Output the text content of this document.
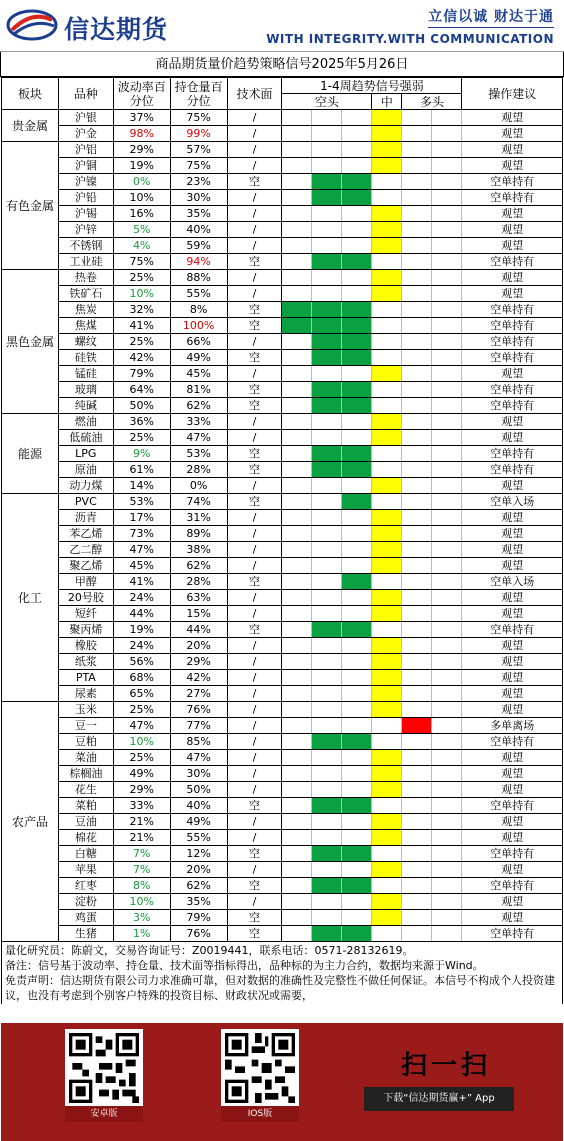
信达期货	立信以诚 财达于通
WITH INTEGRITY.WITH COMMUNICATION
商品期货量价趋势策略信号2025年5月26日
板块	品种	波动率百分位	持仓量百分位	技术面	1-4周趋势信号强弱						操作建议
					空头			中	多头		
贵金属	沪银	37%	75%	/							观望
	沪金	98%	99%	/							观望
有色金属	沪铝	29%	57%	/							观望
	沪铜	19%	75%	/							观望
	沪镍	0%	23%	空							空单持有
	沪铅	10%	30%	/							空单持有
	沪锡	16%	35%	/							观望
	沪锌	5%	40%	/							观望
	不锈钢	4%	59%	/							观望
	工业硅	75%	94%	空							空单持有
黑色金属	热卷	25%	88%	/							观望
	铁矿石	10%	55%	/							观望
	焦炭	32%	8%	空							空单持有
	焦煤	41%	100%	空							空单持有
	螺纹	25%	66%	/							空单持有
	硅铁	42%	49%	空							空单持有
	锰硅	79%	45%	/							观望
	玻璃	64%	81%	空							空单持有
	纯碱	50%	62%	空							空单持有
能源	燃油	36%	33%	/							观望
	低硫油	25%	47%	/							观望
	LPG	9%	53%	空							空单持有
	原油	61%	28%	空							空单持有
	动力煤	14%	0%	/							观望
化工	PVC	53%	74%	空							空单入场
	沥青	17%	31%	/							观望
	苯乙烯	73%	89%	/							观望
	乙二醇	47%	38%	/							观望
	聚乙烯	45%	62%	/							观望
	甲醇	41%	28%	空							空单入场
	20号胶	24%	63%	/							观望
	短纤	44%	15%	/							观望
	聚丙烯	19%	44%	空							空单持有
	橡胶	24%	20%	/							观望
	纸浆	56%	29%	/							观望
	PTA	68%	42%	/							观望
	尿素	65%	27%	/							观望
农产品	玉米	25%	76%	/							观望
	豆一	47%	77%	/							多单离场
	豆粕	10%	85%	/							空单持有
	菜油	25%	47%	/							观望
	棕榈油	49%	30%	/							观望
	花生	29%	50%	/							观望
	菜粕	33%	40%	空							空单持有
	豆油	21%	49%	/							观望
	棉花	21%	55%	/							观望
	白糖	7%	12%	空							空单持有
	苹果	7%	20%	/							观望
	红枣	8%	62%	空							空单持有
	淀粉	10%	35%	/							观望
	鸡蛋	3%	79%	空							观望
	生猪	1%	76%	空							空单持有
量化研究员：陈蔚文，交易咨询证号：Z0019441，联系电话：0571-28132619。
备注：信号基于波动率、持仓量、技术面等指标得出，品种标的为主力合约，数据均来源于Wind。
免责声明：信达期货有限公司力求准确可靠，但对数据的准确性及完整性不做任何保证。本信号不构成个人投资建议，也没有考虑到个别客户特殊的投资目标、财政状况或需要，
安卓版	IOS版
扫一扫
下载“信达期货赢+” App
